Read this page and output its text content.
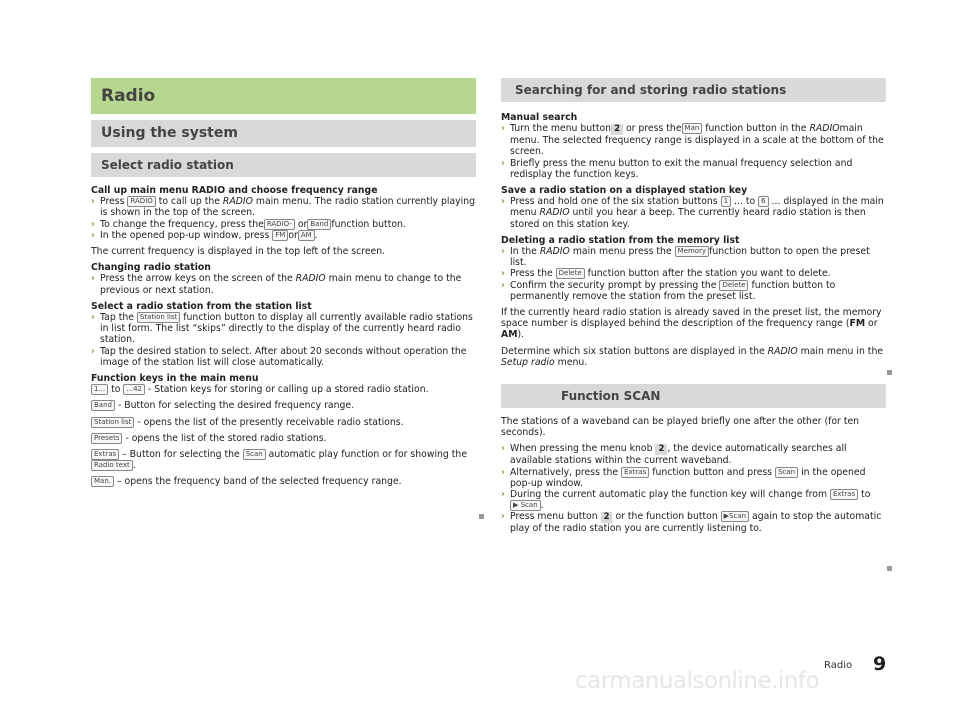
Radio
Using the system
Select radio station
Call up main menu RADIO and choose frequency range
› Press RADIO to call up the RADIO main menu. The radio station currently playing is shown in the top of the screen.
› To change the frequency, press the RADIO- or Band function button.
› In the opened pop-up window, press FM or AM .
The current frequency is displayed in the top left of the screen.
Changing radio station
› Press the arrow keys on the screen of the RADIO main menu to change to the previous or next station.
Select a radio station from the station list
› Tap the Station list function button to display all currently available radio stations in list form. The list “skips” directly to the display of the currently heard radio station.
› Tap the desired station to select. After about 20 seconds without operation the image of the station list will close automatically.
Function keys in the main menu
1... to ...42 - Station keys for storing or calling up a stored radio station.
Band - Button for selecting the desired frequency range.
Station list - opens the list of the presently receivable radio stations.
Presets - opens the list of the stored radio stations.
Extras – Button for selecting the Scan automatic play function or for showing the Radio text .
Man. – opens the frequency band of the selected frequency range.
Searching for and storing radio stations
Manual search
› Turn the menu button 2 or press the Man function button in the RADIOmain menu. The selected frequency range is displayed in a scale at the bottom of the screen.
› Briefly press the menu button to exit the manual frequency selection and redisplay the function keys.
Save a radio station on a displayed station key
› Press and hold one of the six station buttons 1 ... to 6 ... displayed in the main menu RADIO until you hear a beep. The currently heard radio station is then stored on this station key.
Deleting a radio station from the memory list
› In the RADIO main menu press the Memory function button to open the preset list.
› Press the Delete function button after the station you want to delete.
› Confirm the security prompt by pressing the Delete function button to permanently remove the station from the preset list.
If the currently heard radio station is already saved in the preset list, the memory space number is displayed behind the description of the frequency range (FM or AM).
Determine which six station buttons are displayed in the RADIO main menu in the Setup radio menu.
Function SCAN
The stations of a waveband can be played briefly one after the other (for ten seconds).
› When pressing the menu knob 2 , the device automatically searches all available stations within the current waveband.
› Alternatively, press the Extras function button and press Scan in the opened pop-up window.
› During the current automatic play the function key will change from Extras to ▶ Scan .
› Press menu button 2 or the function button ▶Scan again to stop the automatic play of the radio station you are currently listening to.
Radio 9
carmanualsonline.info
